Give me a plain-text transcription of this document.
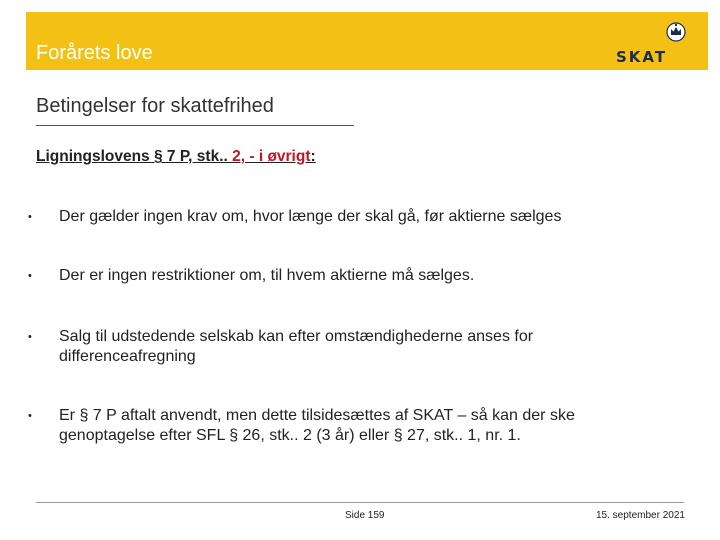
Forårets love	SKAT
Betingelser for skattefrihed
Ligningslovens § 7 P, stk.. 2, - i øvrigt:
•	Der gælder ingen krav om, hvor længe der skal gå, før aktierne sælges
•	Der er ingen restriktioner om, til hvem aktierne må sælges.
•	Salg til udstedende selskab kan efter omstændighederne anses for differenceafregning
•	Er § 7 P aftalt anvendt, men dette tilsidesættes af SKAT – så kan der ske genoptagelse efter SFL § 26, stk.. 2 (3 år) eller § 27, stk.. 1, nr. 1.
Side 159	15. september 2021
